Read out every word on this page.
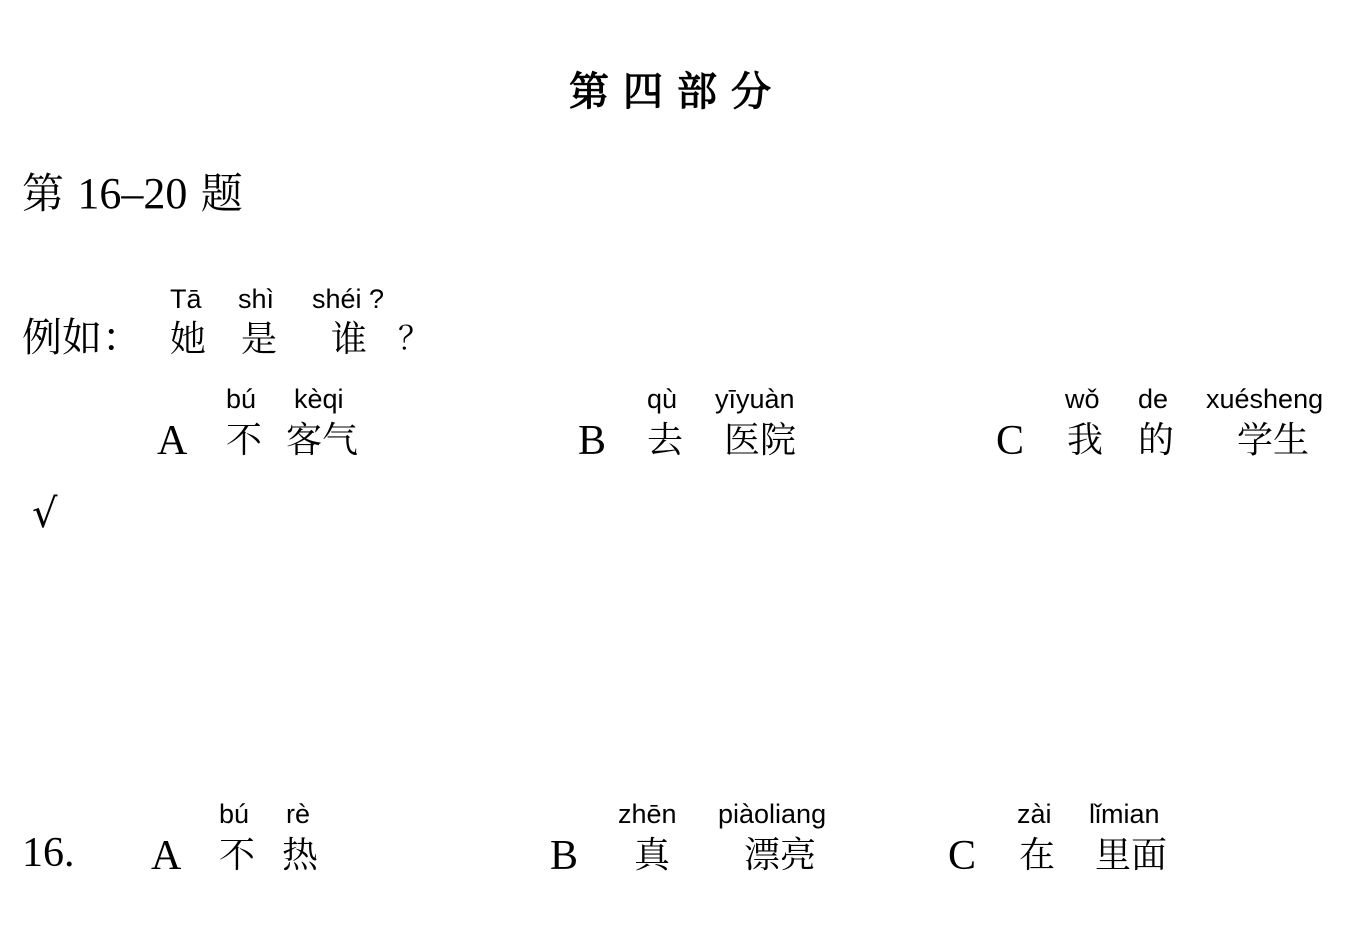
第四部分
第 16–20 题
例如：
Tā shì shéi ?
她 是 谁 ？
A
bú kèqi
不 客气	B
qù yīyuàn
去 医院	C
wǒ de xuésheng
我 的 学生
√
16. A
bú rè
不 热	B
zhēn piàoliang
真 漂亮	C
zài lǐmian
在 里面
